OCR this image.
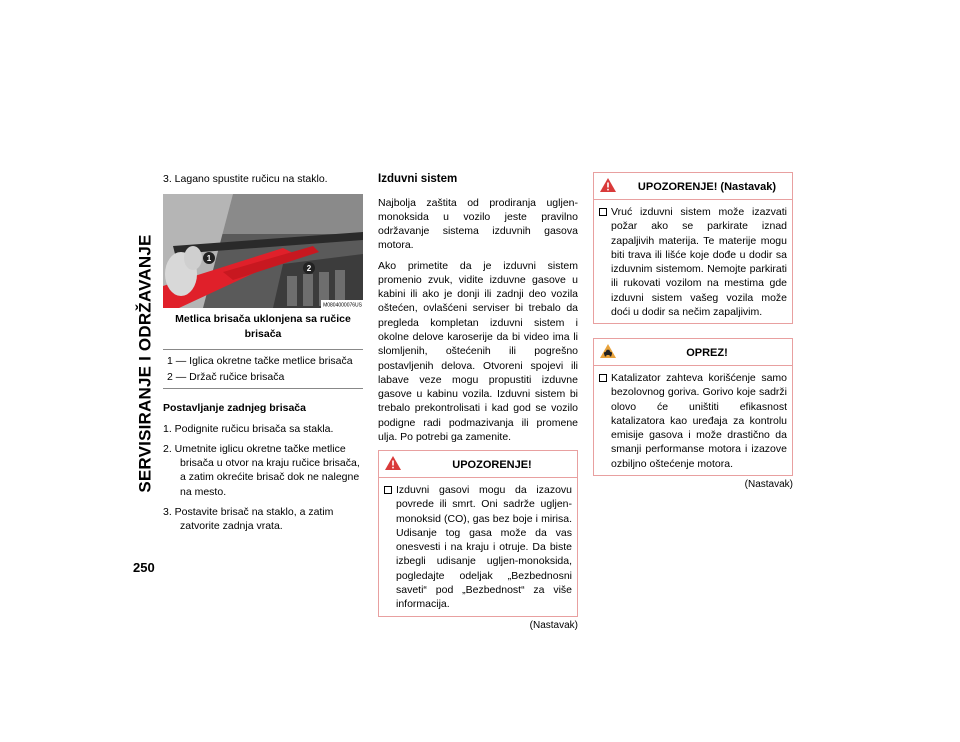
SERVISIRANJE I ODRŽAVANJE
250

3. Lagano spustite ručicu na staklo.

1
2
M0804000076US

Metlica brisača uklonjena sa ručice brisača

1 — Iglica okretne tačke metlice brisača

2 — Držač ručice brisača

Postavljanje zadnjeg brisača

1. Podignite ručicu brisača sa stakla.

2. Umetnite iglicu okretne tačke metlice brisača u otvor na kraju ručice brisača, a zatim okrećite brisač dok ne nalegne na mesto.

3. Postavite brisač na staklo, a zatim zatvorite zadnja vrata.

Izduvni sistem

Najbolja zaštita od prodiranja ugljen-monoksida u vozilo jeste pravilno održavanje sistema izduvnih gasova motora.

Ako primetite da je izduvni sistem promenio zvuk, vidite izduvne gasove u kabini ili ako je donji ili zadnji deo vozila oštećen, ovlašćeni serviser bi trebalo da pregleda kompletan izduvni sistem i okolne delove karoserije da bi video ima li slomljenih, oštećenih ili pogrešno postavljenih delova. Otvoreni spojevi ili labave veze mogu propustiti izduvne gasove u kabinu vozila. Izduvni sistem bi trebalo prekontrolisati i kad god se vozilo podigne radi podmazivanja ili promene ulja. Po potrebi ga zamenite.

UPOZORENJE!
Izduvni gasovi mogu da izazovu povrede ili smrt. Oni sadrže ugljen-monoksid (CO), gas bez boje i mirisa. Udisanje tog gasa može da vas onesvesti i na kraju i otruje. Da biste izbegli udisanje ugljen-monoksida, pogledajte odeljak „Bezbednosni saveti“ pod „Bezbednost“ za više informacija.

(Nastavak)

UPOZORENJE! (Nastavak)
Vruć izduvni sistem može izazvati požar ako se parkirate iznad zapaljivih materija. Te materije mogu biti trava ili lišće koje dođe u dodir sa izduvnim sistemom. Nemojte parkirati ili rukovati vozilom na mestima gde izduvni sistem vašeg vozila može doći u dodir sa nečim zapaljivim.
OPREZ!
Katalizator zahteva korišćenje samo bezolovnog goriva. Gorivo koje sadrži olovo će uništiti efikasnost katalizatora kao uređaja za kontrolu emisije gasova i može drastično da smanji performanse motora i izazove ozbiljno oštećenje motora.

(Nastavak)
